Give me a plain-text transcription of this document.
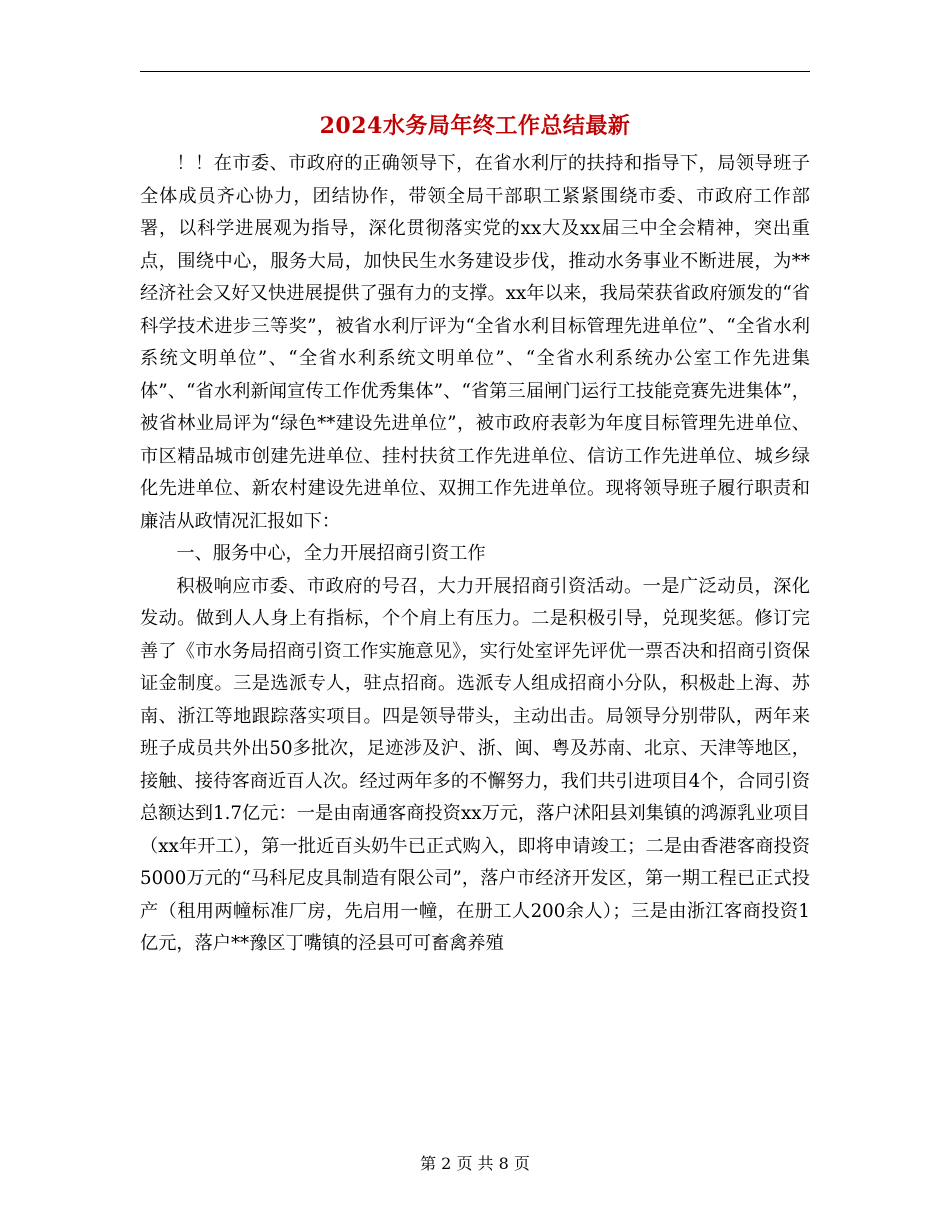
2024水务局年终工作总结最新

！！在市委、市政府的正确领导下，在省水利厅的扶持和指导下，局领导班子全体成员齐心协力，团结协作，带领全局干部职工紧紧围绕市委、市政府工作部署，以科学进展观为指导，深化贯彻落实党的xx大及xx届三中全会精神，突出重点，围绕中心，服务大局，加快民生水务建设步伐，推动水务事业不断进展，为**经济社会又好又快进展提供了强有力的支撑。xx年以来，我局荣获省政府颁发的“省科学技术进步三等奖”，被省水利厅评为“全省水利目标管理先进单位”、“全省水利系统文明单位”、“全省水利系统文明单位”、“全省水利系统办公室工作先进集体”、“省水利新闻宣传工作优秀集体”、“省第三届闸门运行工技能竞赛先进集体”，被省林业局评为“绿色**建设先进单位”，被市政府表彰为年度目标管理先进单位、市区精品城市创建先进单位、挂村扶贫工作先进单位、信访工作先进单位、城乡绿化先进单位、新农村建设先进单位、双拥工作先进单位。现将领导班子履行职责和廉洁从政情况汇报如下：

一、服务中心，全力开展招商引资工作

积极响应市委、市政府的号召，大力开展招商引资活动。一是广泛动员，深化发动。做到人人身上有指标，个个肩上有压力。二是积极引导，兑现奖惩。修订完善了《市水务局招商引资工作实施意见》，实行处室评先评优一票否决和招商引资保证金制度。三是选派专人，驻点招商。选派专人组成招商小分队，积极赴上海、苏南、浙江等地跟踪落实项目。四是领导带头，主动出击。局领导分别带队，两年来班子成员共外出50多批次，足迹涉及沪、浙、闽、粤及苏南、北京、天津等地区，接触、接待客商近百人次。经过两年多的不懈努力，我们共引进项目4个，合同引资总额达到1.7亿元：一是由南通客商投资xx万元，落户沭阳县刘集镇的鸿源乳业项目（xx年开工），第一批近百头奶牛已正式购入，即将申请竣工；二是由香港客商投资5000万元的“马科尼皮具制造有限公司”，落户市经济开发区，第一期工程已正式投产（租用两幢标准厂房，先启用一幢，在册工人200余人）；三是由浙江客商投资1亿元，落户**豫区丁嘴镇的泾县可可畜禽养殖

第 2 页 共 8 页
